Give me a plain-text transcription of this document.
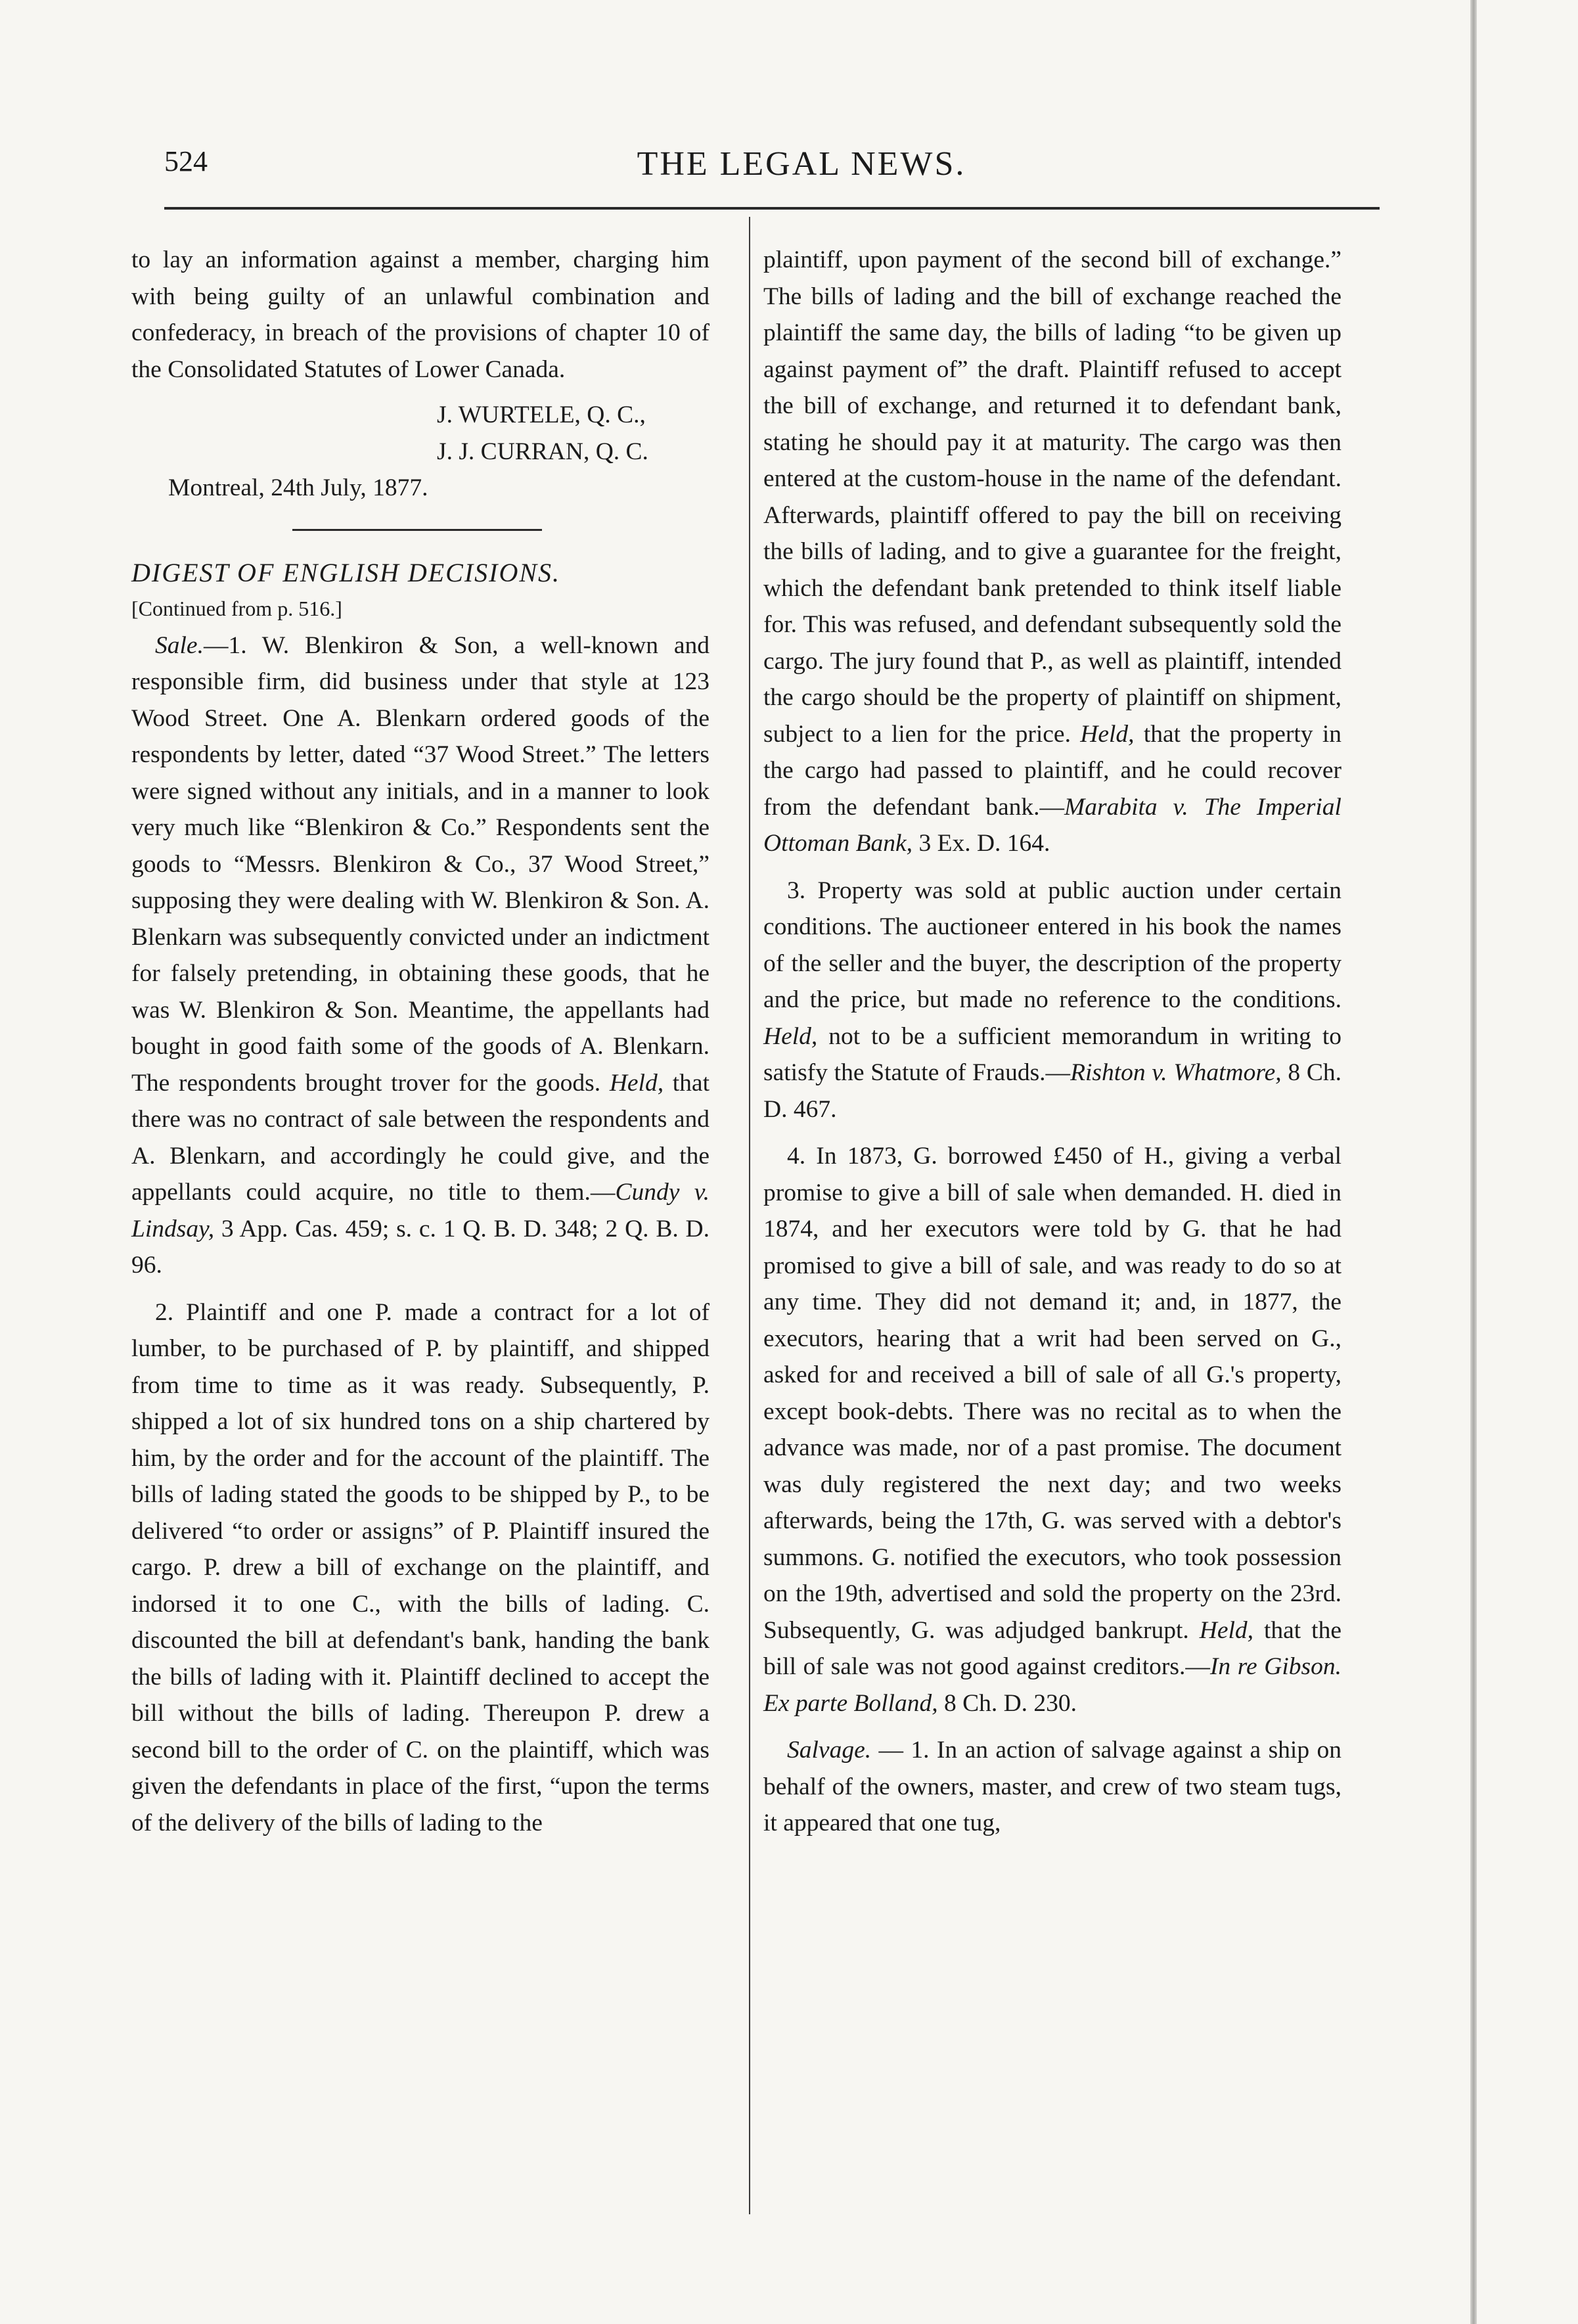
524	THE LEGAL NEWS.

to lay an information against a member, charging him with being guilty of an unlawful combination and confederacy, in breach of the provisions of chapter 10 of the Consolidated Statutes of Lower Canada.

J. WURTELE, Q. C.,
J. J. CURRAN, Q. C.
Montreal, 24th July, 1877.

DIGEST OF ENGLISH DECISIONS.

[Continued from p. 516.]

Sale.—1. W. Blenkiron & Son, a well-known and responsible firm, did business under that style at 123 Wood Street. One A. Blenkarn ordered goods of the respondents by letter, dated “37 Wood Street.” The letters were signed without any initials, and in a manner to look very much like “Blenkiron & Co.” Respondents sent the goods to “Messrs. Blenkiron & Co., 37 Wood Street,” supposing they were dealing with W. Blenkiron & Son. A. Blenkarn was subsequently convicted under an indictment for falsely pretending, in obtaining these goods, that he was W. Blenkiron & Son. Meantime, the appellants had bought in good faith some of the goods of A. Blenkarn. The respondents brought trover for the goods. Held, that there was no contract of sale between the respondents and A. Blenkarn, and accordingly he could give, and the appellants could acquire, no title to them.—Cundy v. Lindsay, 3 App. Cas. 459; s. c. 1 Q. B. D. 348; 2 Q. B. D. 96.

2. Plaintiff and one P. made a contract for a lot of lumber, to be purchased of P. by plaintiff, and shipped from time to time as it was ready. Subsequently, P. shipped a lot of six hundred tons on a ship chartered by him, by the order and for the account of the plaintiff. The bills of lading stated the goods to be shipped by P., to be delivered “to order or assigns” of P. Plaintiff insured the cargo. P. drew a bill of exchange on the plaintiff, and indorsed it to one C., with the bills of lading. C. discounted the bill at defendant's bank, handing the bank the bills of lading with it. Plaintiff declined to accept the bill without the bills of lading. Thereupon P. drew a second bill to the order of C. on the plaintiff, which was given the defendants in place of the first, “upon the terms of the delivery of the bills of lading to the

plaintiff, upon payment of the second bill of exchange.” The bills of lading and the bill of exchange reached the plaintiff the same day, the bills of lading “to be given up against payment of” the draft. Plaintiff refused to accept the bill of exchange, and returned it to defendant bank, stating he should pay it at maturity. The cargo was then entered at the custom-house in the name of the defendant. Afterwards, plaintiff offered to pay the bill on receiving the bills of lading, and to give a guarantee for the freight, which the defendant bank pretended to think itself liable for. This was refused, and defendant subsequently sold the cargo. The jury found that P., as well as plaintiff, intended the cargo should be the property of plaintiff on shipment, subject to a lien for the price. Held, that the property in the cargo had passed to plaintiff, and he could recover from the defendant bank.—Marabita v. The Imperial Ottoman Bank, 3 Ex. D. 164.

3. Property was sold at public auction under certain conditions. The auctioneer entered in his book the names of the seller and the buyer, the description of the property and the price, but made no reference to the conditions. Held, not to be a sufficient memorandum in writing to satisfy the Statute of Frauds.—Rishton v. Whatmore, 8 Ch. D. 467.

4. In 1873, G. borrowed £450 of H., giving a verbal promise to give a bill of sale when demanded. H. died in 1874, and her executors were told by G. that he had promised to give a bill of sale, and was ready to do so at any time. They did not demand it; and, in 1877, the executors, hearing that a writ had been served on G., asked for and received a bill of sale of all G.'s property, except book-debts. There was no recital as to when the advance was made, nor of a past promise. The document was duly registered the next day; and two weeks afterwards, being the 17th, G. was served with a debtor's summons. G. notified the executors, who took possession on the 19th, advertised and sold the property on the 23rd. Subsequently, G. was adjudged bankrupt. Held, that the bill of sale was not good against creditors.—In re Gibson. Ex parte Bolland, 8 Ch. D. 230.

Salvage. — 1. In an action of salvage against a ship on behalf of the owners, master, and crew of two steam tugs, it appeared that one tug,
